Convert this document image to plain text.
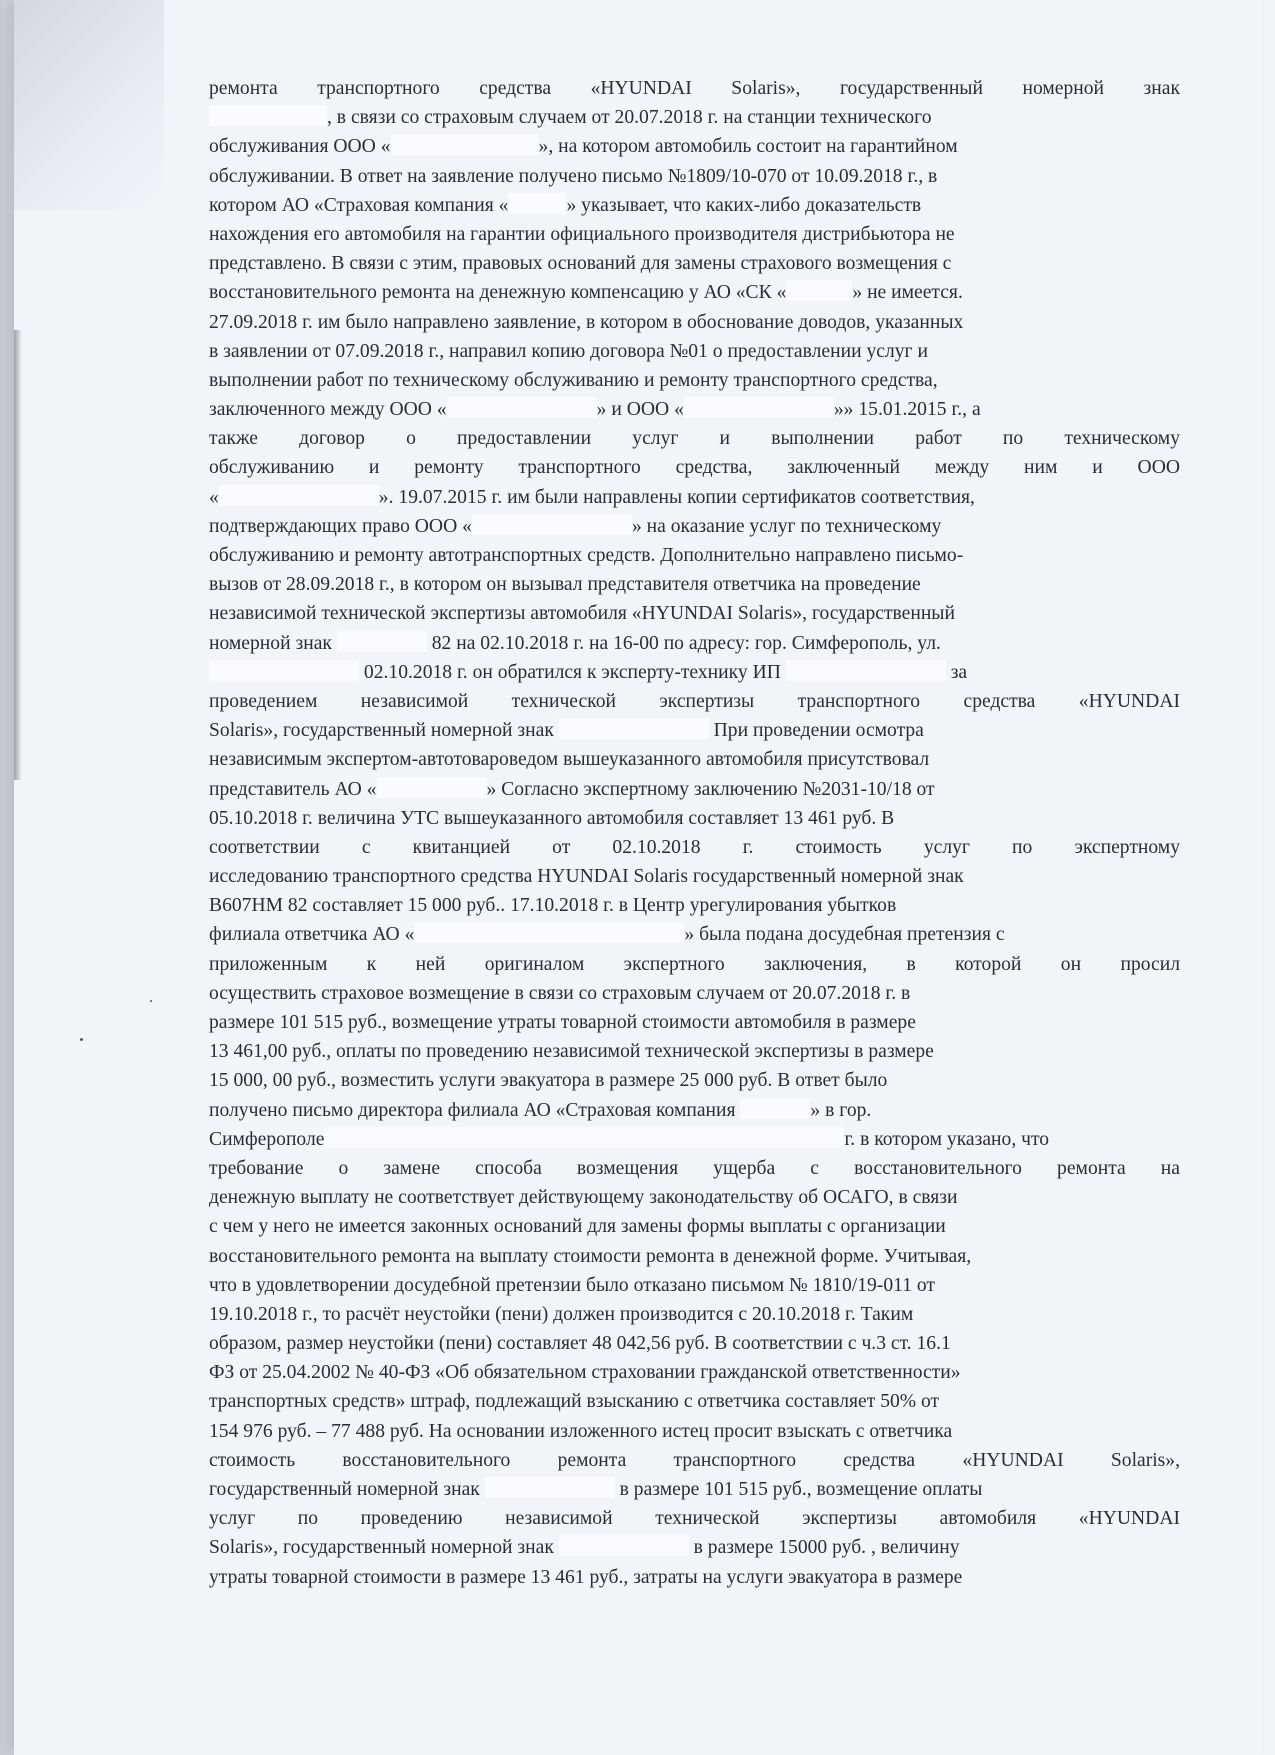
ремонта транспортного средства «HYUNDAI Solaris», государственный номерной знак
, в связи со страховым случаем от 20.07.2018 г. на станции технического
обслуживания ООО «	», на котором автомобиль состоит на гарантийном
обслуживании. В ответ на заявление получено письмо №1809/10-070 от 10.09.2018 г., в
котором АО «Страховая компания «	» указывает, что каких-либо доказательств
нахождения его автомобиля на гарантии официального производителя дистрибьютора не
представлено. В связи с этим, правовых оснований для замены страхового возмещения с
восстановительного ремонта на денежную компенсацию у АО «СК «	» не имеется.
27.09.2018 г. им было направлено заявление, в котором в обоснование доводов, указанных
в заявлении от 07.09.2018 г., направил копию договора №01 о предоставлении услуг и
выполнении работ по техническому обслуживанию и ремонту транспортного средства,
заключенного между ООО «	» и ООО «	»» 15.01.2015 г., а
также договор о предоставлении услуг и выполнении работ по техническому
обслуживанию и ремонту транспортного средства, заключенный между ним и ООО
«	». 19.07.2015 г. им были направлены копии сертификатов соответствия,
подтверждающих право ООО «	» на оказание услуг по техническому
обслуживанию и ремонту автотранспортных средств. Дополнительно направлено письмо-
вызов от 28.09.2018 г., в котором он вызывал представителя ответчика на проведение
независимой технической экспертизы автомобиля «HYUNDAI Solaris», государственный
номерной знак	82 на 02.10.2018 г. на 16-00 по адресу: гор. Симферополь, ул.
02.10.2018 г. он обратился к эксперту-технику ИП	за
проведением независимой технической экспертизы транспортного средства «HYUNDAI
Solaris», государственный номерной знак	При проведении осмотра
независимым экспертом-автотовароведом вышеуказанного автомобиля присутствовал
представитель АО «	» Согласно экспертному заключению №2031-10/18 от
05.10.2018 г. величина УТС вышеуказанного автомобиля составляет 13 461 руб. В
соответствии с квитанцией от 02.10.2018 г. стоимость услуг по экспертному
исследованию транспортного средства HYUNDAI Solaris государственный номерной знак
В607НМ 82 составляет 15 000 руб.. 17.10.2018 г. в Центр урегулирования убытков
филиала ответчика АО «	» была подана досудебная претензия с
приложенным к ней оригиналом экспертного заключения, в которой он просил
осуществить страховое возмещение в связи со страховым случаем от 20.07.2018 г. в
размере 101 515 руб., возмещение утраты товарной стоимости автомобиля в размере
13 461,00 руб., оплаты по проведению независимой технической экспертизы в размере
15 000, 00 руб., возместить услуги эвакуатора в размере 25 000 руб. В ответ было
получено письмо директора филиала АО «Страховая компания	» в гор.
Симферополе	г. в котором указано, что
требование о замене способа возмещения ущерба с восстановительного ремонта на
денежную выплату не соответствует действующему законодательству об ОСАГО, в связи
с чем у него не имеется законных оснований для замены формы выплаты с организации
восстановительного ремонта на выплату стоимости ремонта в денежной форме. Учитывая,
что в удовлетворении досудебной претензии было отказано письмом № 1810/19-011 от
19.10.2018 г., то расчёт неустойки (пени) должен производится с 20.10.2018 г. Таким
образом, размер неустойки (пени) составляет 48 042,56 руб. В соответствии с ч.3 ст. 16.1
ФЗ от 25.04.2002 № 40-ФЗ «Об обязательном страховании гражданской ответственности»
транспортных средств» штраф, подлежащий взысканию с ответчика составляет 50% от
154 976 руб. – 77 488 руб. На основании изложенного истец просит взыскать с ответчика
стоимость восстановительного ремонта транспортного средства «HYUNDAI Solaris»,
государственный номерной знак	в размере 101 515 руб., возмещение оплаты
услуг по проведению независимой технической экспертизы автомобиля «HYUNDAI
Solaris», государственный номерной знак	в размере 15000 руб. , величину
утраты товарной стоимости в размере 13 461 руб., затраты на услуги эвакуатора в размере
